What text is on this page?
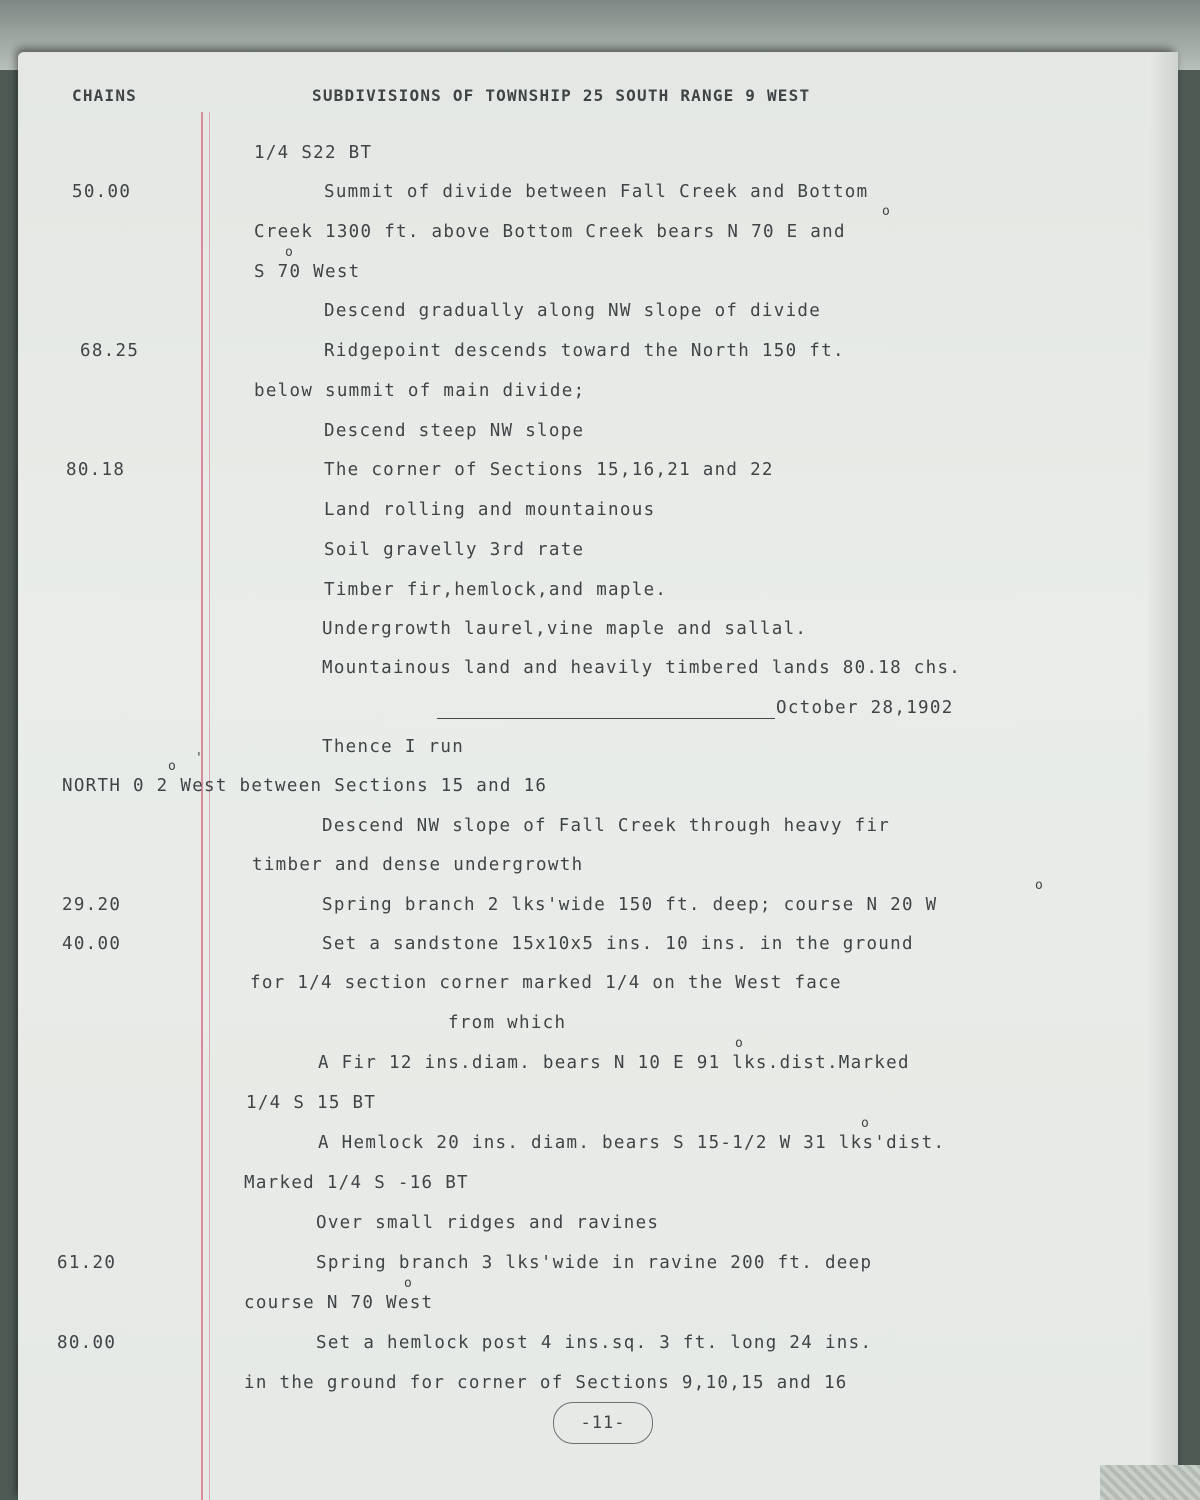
CHAINS	SUBDIVISIONS OF TOWNSHIP 25 SOUTH RANGE 9 WEST
50.00
68.25
80.18
29.20
40.00
61.20
80.00
1/4 S22 BT
Summit of divide between Fall Creek and Bottom
Creek 1300 ft. above Bottom Creek bears N 70 E and
S 70 West
Descend gradually along NW slope of divide
Ridgepoint descends toward the North 150 ft.
below summit of main divide;
Descend steep NW slope
The corner of Sections 15,16,21 and 22
Land rolling and mountainous
Soil gravelly 3rd rate
Timber fir,hemlock,and maple.
Undergrowth laurel,vine maple and sallal.
Mountainous land and heavily timbered lands 80.18 chs.
October 28,1902
Thence I run
NORTH 0 2 West between Sections 15 and 16
Descend NW slope of Fall Creek through heavy fir
timber and dense undergrowth
Spring branch 2 lks'wide 150 ft. deep; course N 20 W
Set a sandstone 15x10x5 ins. 10 ins. in the ground
for 1/4 section corner marked 1/4 on the West face
from which
A Fir 12 ins.diam. bears N 10 E 91 lks.dist.Marked
1/4 S 15 BT
A Hemlock 20 ins. diam. bears S 15-1/2 W 31 lks'dist.
Marked 1/4 S -16 BT
Over small ridges and ravines
Spring branch 3 lks'wide in ravine 200 ft. deep
course N 70 West
Set a hemlock post 4 ins.sq. 3 ft. long 24 ins.
in the ground for corner of Sections 9,10,15 and 16
o
o
o
'
o
o
o
o
-11-
